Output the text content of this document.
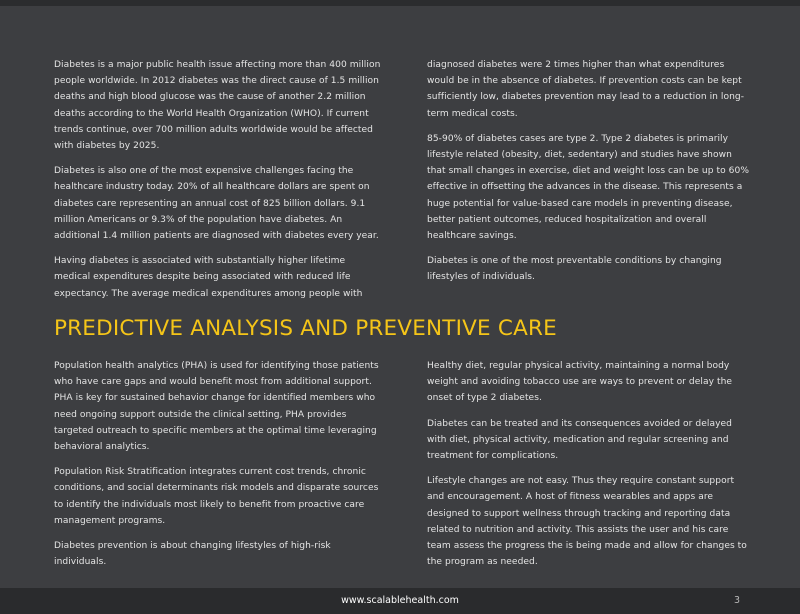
Diabetes is a major public health issue affecting more than 400 million people worldwide. In 2012 diabetes was the direct cause of 1.5 million deaths and high blood glucose was the cause of another 2.2 million deaths according to the World Health Organization (WHO). If current trends continue, over 700 million adults worldwide would be affected with diabetes by 2025.

Diabetes is also one of the most expensive challenges facing the healthcare industry today. 20% of all healthcare dollars are spent on diabetes care representing an annual cost of 825 billion dollars. 9.1 million Americans or 9.3% of the population have diabetes. An additional 1.4 million patients are diagnosed with diabetes every year.

Having diabetes is associated with substantially higher lifetime medical expenditures despite being associated with reduced life expectancy. The average medical expenditures among people with

diagnosed diabetes were 2 times higher than what expenditures would be in the absence of diabetes. If prevention costs can be kept sufficiently low, diabetes prevention may lead to a reduction in long-term medical costs.

85-90% of diabetes cases are type 2. Type 2 diabetes is primarily lifestyle related (obesity, diet, sedentary) and studies have shown that small changes in exercise, diet and weight loss can be up to 60% effective in offsetting the advances in the disease. This represents a huge potential for value-based care models in preventing disease, better patient outcomes, reduced hospitalization and overall healthcare savings.

Diabetes is one of the most preventable conditions by changing lifestyles of individuals.

PREDICTIVE ANALYSIS AND PREVENTIVE CARE

Population health analytics (PHA) is used for identifying those patients who have care gaps and would benefit most from additional support. PHA is key for sustained behavior change for identified members who need ongoing support outside the clinical setting, PHA provides targeted outreach to specific members at the optimal time leveraging behavioral analytics.

Population Risk Stratification integrates current cost trends, chronic conditions, and social determinants risk models and disparate sources to identify the individuals most likely to benefit from proactive care management programs.

Diabetes prevention is about changing lifestyles of high-risk individuals.

Healthy diet, regular physical activity, maintaining a normal body weight and avoiding tobacco use are ways to prevent or delay the onset of type 2 diabetes.

Diabetes can be treated and its consequences avoided or delayed with diet, physical activity, medication and regular screening and treatment for complications.

Lifestyle changes are not easy. Thus they require constant support and encouragement. A host of fitness wearables and apps are designed to support wellness through tracking and reporting data related to nutrition and activity. This assists the user and his care team assess the progress the is being made and allow for changes to the program as needed.

www.scalablehealth.com	3
